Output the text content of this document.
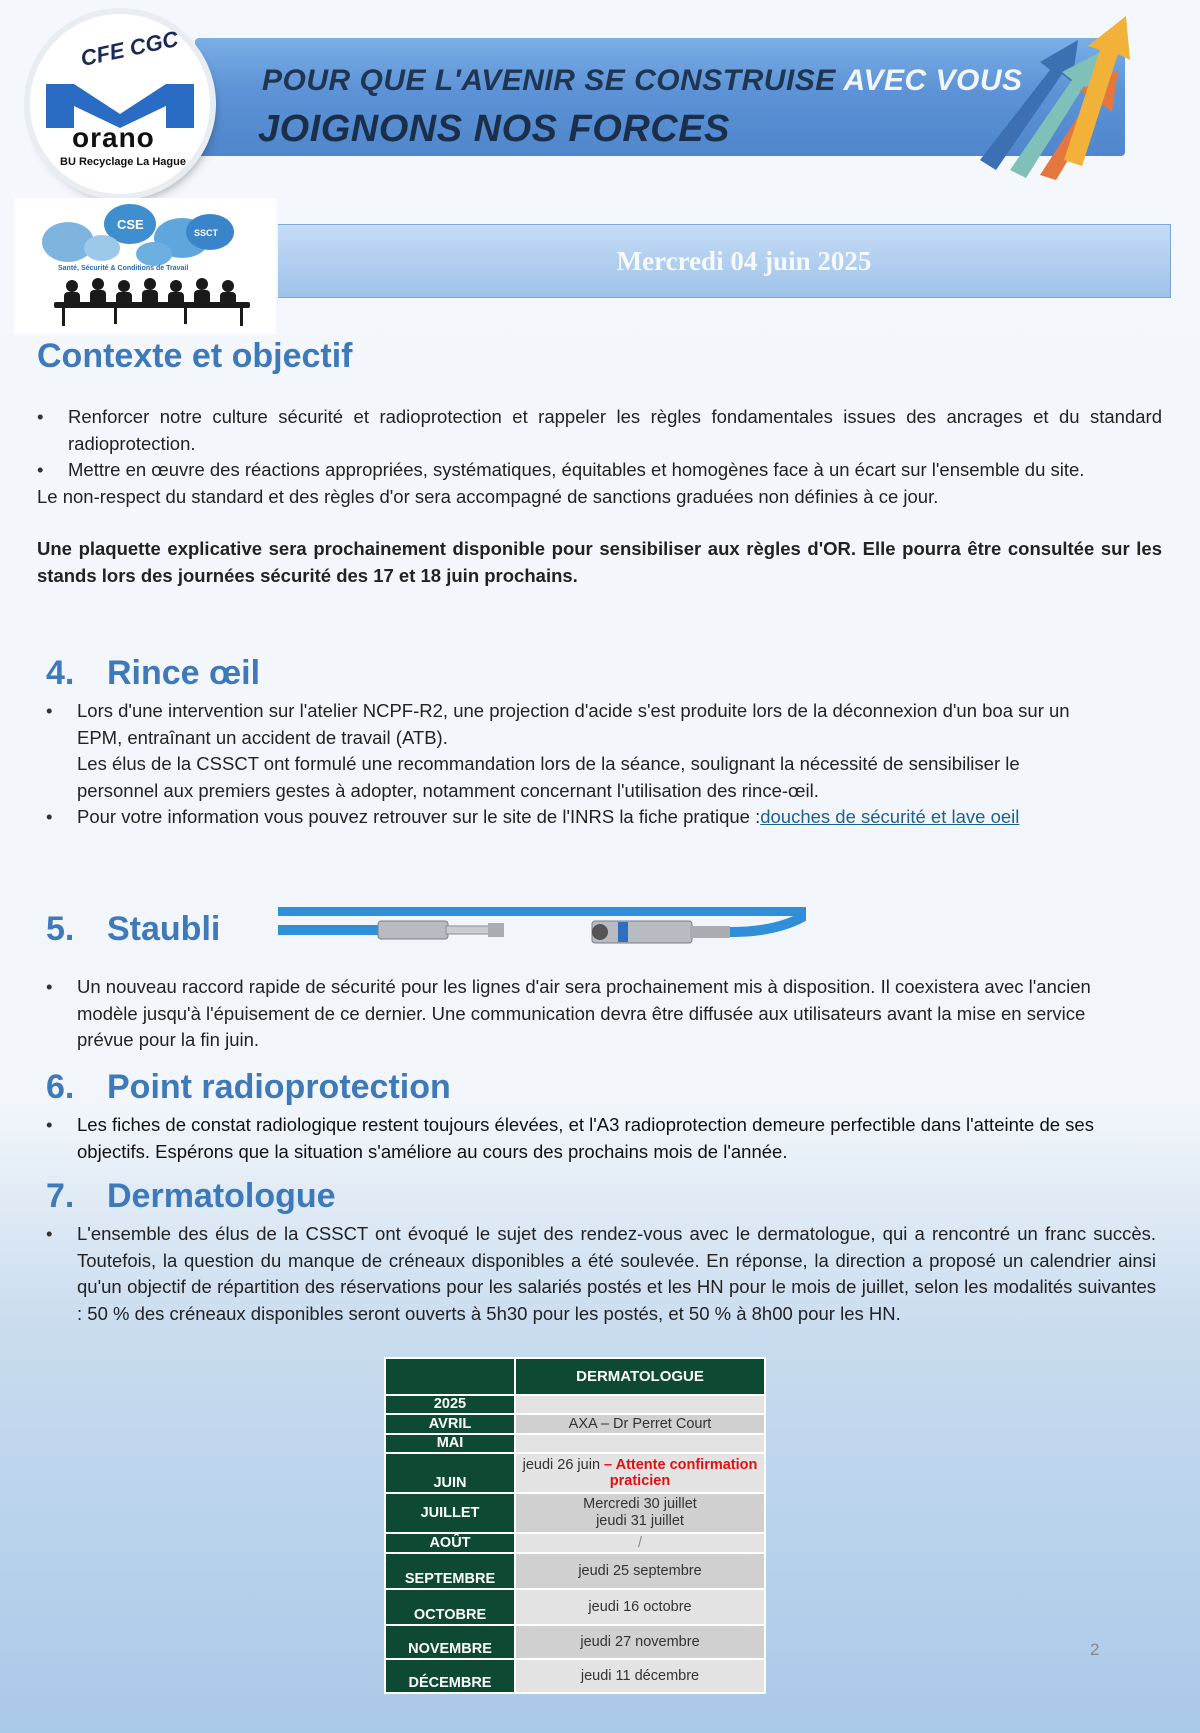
POUR QUE L'AVENIR SE CONSTRUISE AVEC VOUS
JOIGNONS NOS FORCES
CFE CGC
orano
BU Recyclage La Hague
CSE
SSCT
Santé, Sécurité & Conditions de Travail	Mercredi 04 juin 2025
Contexte et objectif
• Renforcer notre culture sécurité et radioprotection et rappeler les règles fondamentales issues des ancrages et du standard radioprotection.
• Mettre en œuvre des réactions appropriées, systématiques, équitables et homogènes face à un écart sur l'ensemble du site.
Le non-respect du standard et des règles d'or sera accompagné de sanctions graduées non définies à ce jour.
Une plaquette explicative sera prochainement disponible pour sensibiliser aux règles d'OR. Elle pourra être consultée sur les stands lors des journées sécurité des 17 et 18 juin prochains.
4. Rince œil
• Lors d'une intervention sur l'atelier NCPF-R2, une projection d'acide s'est produite lors de la déconnexion d'un boa sur un EPM, entraînant un accident de travail (ATB).
Les élus de la CSSCT ont formulé une recommandation lors de la séance, soulignant la nécessité de sensibiliser le personnel aux premiers gestes à adopter, notamment concernant l'utilisation des rince-œil.
• Pour votre information vous pouvez retrouver sur le site de l'INRS la fiche pratique :douches de sécurité et lave oeil
5. Staubli
• Un nouveau raccord rapide de sécurité pour les lignes d'air sera prochainement mis à disposition. Il coexistera avec l'ancien modèle jusqu'à l'épuisement de ce dernier. Une communication devra être diffusée aux utilisateurs avant la mise en service prévue pour la fin juin.
6. Point radioprotection
• Les fiches de constat radiologique restent toujours élevées, et l'A3 radioprotection demeure perfectible dans l'atteinte de ses objectifs. Espérons que la situation s'améliore au cours des prochains mois de l'année.
7. Dermatologue
• L'ensemble des élus de la CSSCT ont évoqué le sujet des rendez-vous avec le dermatologue, qui a rencontré un franc succès. Toutefois, la question du manque de créneaux disponibles a été soulevée. En réponse, la direction a proposé un calendrier ainsi qu'un objectif de répartition des réservations pour les salariés postés et les HN pour le mois de juillet, selon les modalités suivantes : 50 % des créneaux disponibles seront ouverts à 5h30 pour les postés, et 50 % à 8h00 pour les HN.
	DERMATOLOGUE
2025	
AVRIL	AXA – Dr Perret Court
MAI	
JUIN	jeudi 26 juin – Attente confirmation praticien
JUILLET	Mercredi 30 juillet
jeudi 31 juillet
AOÛT	/
SEPTEMBRE	jeudi 25 septembre
OCTOBRE	jeudi 16 octobre
NOVEMBRE	jeudi 27 novembre
DÉCEMBRE	jeudi 11 décembre
2
